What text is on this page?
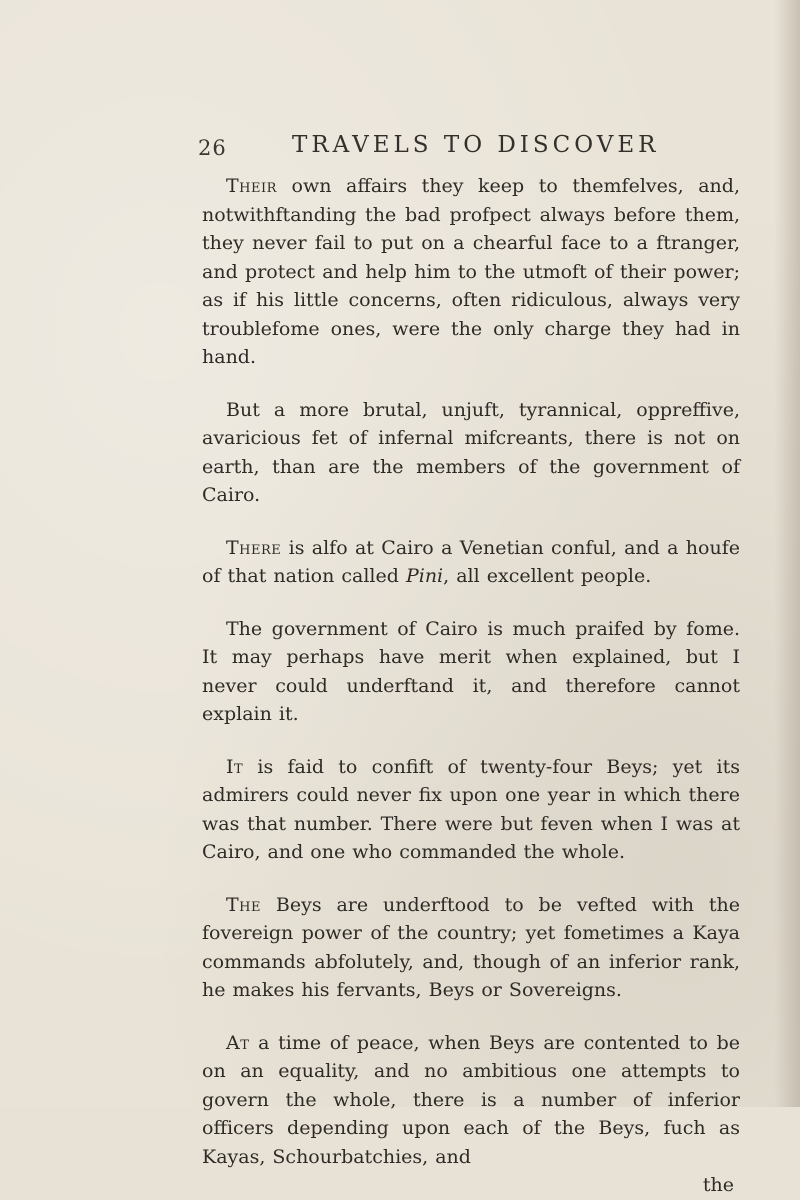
26	TRAVELS TO DISCOVER

Their own affairs they keep to themfelves, and, notwithftanding the bad profpect always before them, they never fail to put on a chearful face to a ftranger, and protect and help him to the utmoft of their power; as if his little concerns, often ridiculous, always very troublefome ones, were the only charge they had in hand.

But a more brutal, unjuft, tyrannical, oppreffive, avaricious fet of infernal mifcreants, there is not on earth, than are the members of the government of Cairo.

There is alfo at Cairo a Venetian conful, and a houfe of that nation called Pini, all excellent people.

The government of Cairo is much praifed by fome. It may perhaps have merit when explained, but I never could underftand it, and therefore cannot explain it.

It is faid to confift of twenty-four Beys; yet its admirers could never fix upon one year in which there was that number. There were but feven when I was at Cairo, and one who commanded the whole.

The Beys are underftood to be vefted with the fovereign power of the country; yet fometimes a Kaya commands abfolutely, and, though of an inferior rank, he makes his fervants, Beys or Sovereigns.

At a time of peace, when Beys are contented to be on an equality, and no ambitious one attempts to govern the whole, there is a number of inferior officers depending upon each of the Beys, fuch as Kayas, Schourbatchies, and

the
